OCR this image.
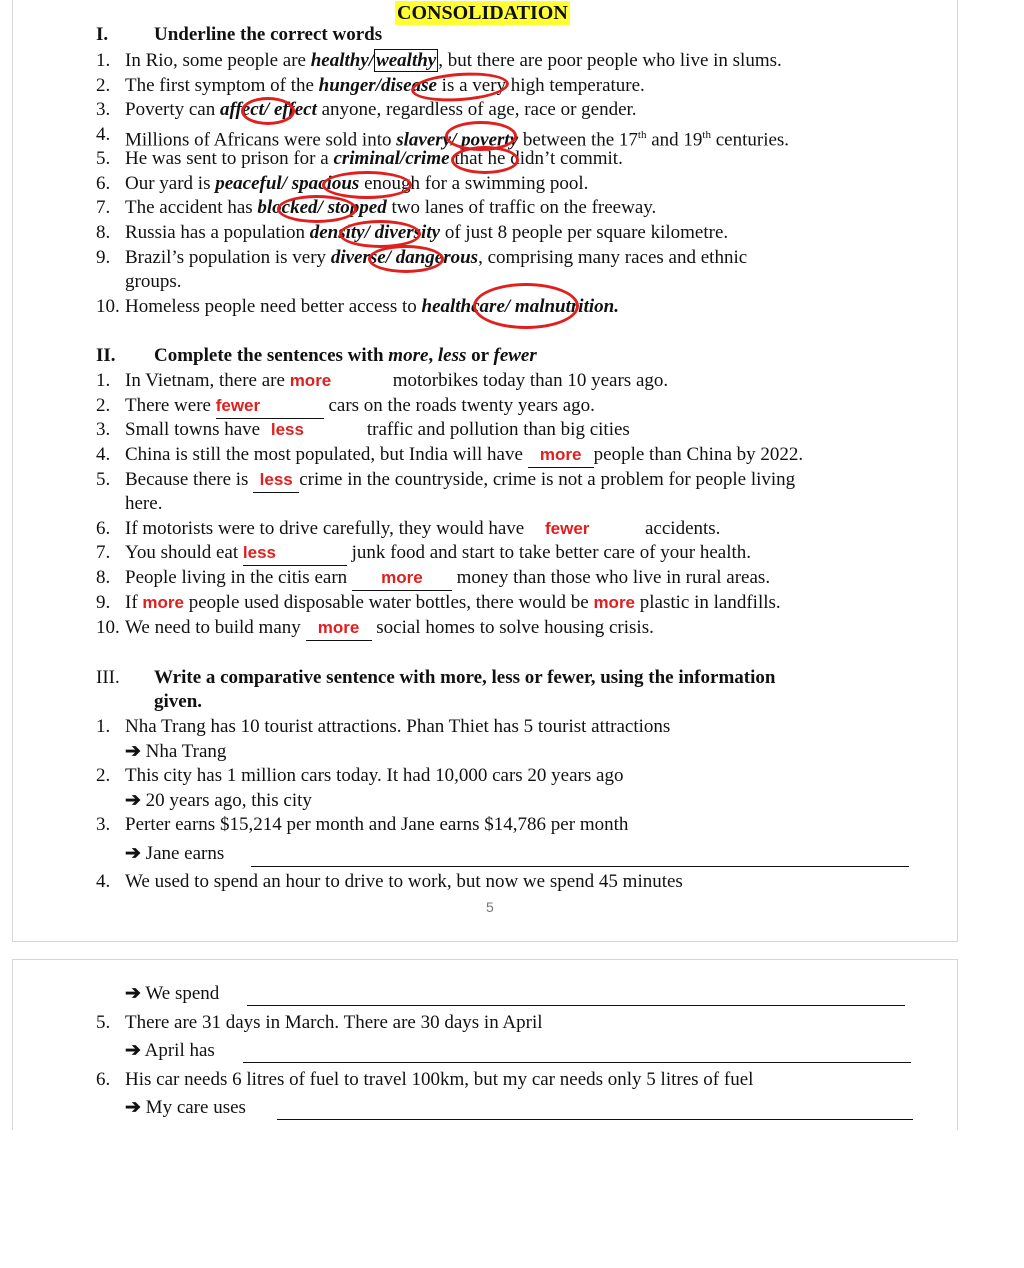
CONSOLIDATION
I. Underline the correct words
1. In Rio, some people are healthy/ wealthy , but there are poor people who live in slums.
2. The first symptom of the hunger/disease is a very high temperature.
3. Poverty can affect/ effect anyone, regardless of age, race or gender.
4. Millions of Africans were sold into slavery/ poverty between the 17th and 19th centuries.
5. He was sent to prison for a criminal/crime that he didn’t commit.
6. Our yard is peaceful/ spacious enough for a swimming pool.
7. The accident has blocked/ stopped two lanes of traffic on the freeway.
8. Russia has a population density/ diversity of just 8 people per square kilometre.
9. Brazil’s population is very diverse/ dangerous, comprising many races and ethnic
groups.
10. Homeless people need better access to healthcare/ malnutrition.
II. Complete the sentences with more, less or fewer
1. In Vietnam, there are more	motorbikes today than 10 years ago.
2. There were fewer	cars on the roads twenty years ago.
3. Small towns have less	traffic and pollution than big cities
4. China is still the most populated, but India will have more people than China by 2022.
5. Because there is less crime in the countryside, crime is not a problem for people living
here.
6. If motorists were to drive carefully, they would have fewer	accidents.
7. You should eat less	junk food and start to take better care of your health.
8. People living in the citis earn more money than those who live in rural areas.
9. If more people used disposable water bottles, there would be more plastic in landfills.
10. We need to build many more social homes to solve housing crisis.
III. Write a comparative sentence with more, less or fewer, using the information
given.
1. Nha Trang has 10 tourist attractions. Phan Thiet has 5 tourist attractions
➔ Nha Trang
2. This city has 1 million cars today. It had 10,000 cars 20 years ago
➔ 20 years ago, this city
3. Perter earns $15,214 per month and Jane earns $14,786 per month
➔ Jane earns
4. We used to spend an hour to drive to work, but now we spend 45 minutes
5
➔ We spend
5. There are 31 days in March. There are 30 days in April
➔ April has
6. His car needs 6 litres of fuel to travel 100km, but my car needs only 5 litres of fuel
➔ My care uses
